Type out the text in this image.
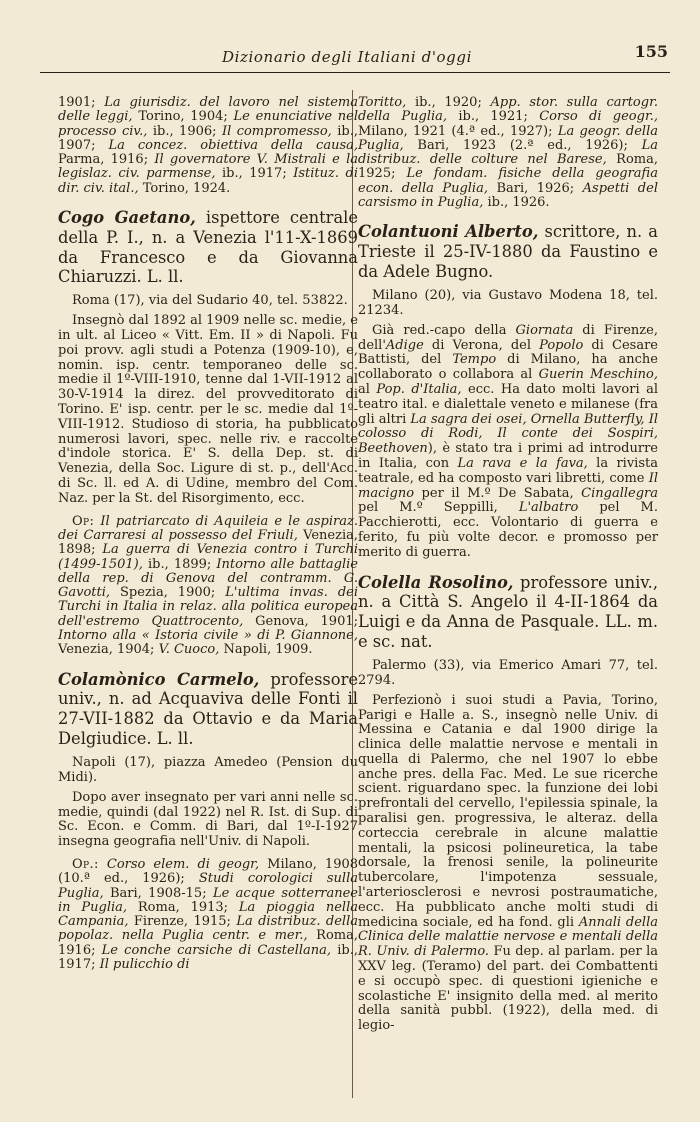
Dizionario degli Italiani d'oggi	155

1901; La giurisdiz. del lavoro nel sistema delle leggi, Torino, 1904; Le enunciative nel processo civ., ib., 1906; Il compromesso, ib., 1907; La concez. obiettiva della causa, Parma, 1916; Il governatore V. Mistrali e la legislaz. civ. parmense, ib., 1917; Istituz. di dir. civ. ital., Torino, 1924.

Cogo Gaetano, ispettore centrale della P. I., n. a Venezia l'11-X-1869 da Francesco e da Giovanna Chiaruzzi. L. ll.

Roma (17), via del Sudario 40, tel. 53822.

Insegnò dal 1892 al 1909 nelle sc. medie, e in ult. al Liceo « Vitt. Em. II » di Napoli. Fu poi provv. agli studi a Potenza (1909-10), e, nomin. isp. centr. temporaneo delle sc. medie il 1º-VIII-1910, tenne dal 1-VII-1912 al 30-V-1914 la direz. del provveditorato di Torino. E' isp. centr. per le sc. medie dal 1º-VIII-1912. Studioso di storia, ha pubblicato numerosi lavori, spec. nelle riv. e raccolte d'indole storica. E' S. della Dep. st. di Venezia, della Soc. Ligure di st. p., dell'Acc. di Sc. ll. ed A. di Udine, membro del Com. Naz. per la St. del Risorgimento, ecc.

Op: Il patriarcato di Aquileia e le aspiraz. dei Carraresi al possesso del Friuli, Venezia, 1898; La guerra di Venezia contro i Turchi (1499-1501), ib., 1899; Intorno alle battaglie della rep. di Genova del contramm. G. Gavotti, Spezia, 1900; L'ultima invas. dei Turchi in Italia in relaz. alla politica europea dell'estremo Quattrocento, Genova, 1901; Intorno alla « Istoria civile » di P. Giannone, Venezia, 1904; V. Cuoco, Napoli, 1909.

Colamònico Carmelo, professore univ., n. ad Acquaviva delle Fonti il 27-VII-1882 da Ottavio e da Maria Delgiudice. L. ll.

Napoli (17), piazza Amedeo (Pension du Midi).

Dopo aver insegnato per vari anni nelle sc. medie, quindi (dal 1922) nel R. Ist. di Sup. di Sc. Econ. e Comm. di Bari, dal 1º-I-1927 insegna geografia nell'Univ. di Napoli.

Op.: Corso elem. di geogr, Milano, 1908 (10.ª ed., 1926); Studi corologici sulla Puglia, Bari, 1908-15; Le acque sotterranee in Puglia, Roma, 1913; La pioggia nella Campania, Firenze, 1915; La distribuz. della popolaz. nella Puglia centr. e mer., Roma, 1916; Le conche carsiche di Castellana, ib., 1917; Il pulicchio di

Toritto, ib., 1920; App. stor. sulla cartogr. della Puglia, ib., 1921; Corso di geogr., Milano, 1921 (4.ª ed., 1927); La geogr. della Puglia, Bari, 1923 (2.ª ed., 1926); La distribuz. delle colture nel Barese, Roma, 1925; Le fondam. fisiche della geografia econ. della Puglia, Bari, 1926; Aspetti del carsismo in Puglia, ib., 1926.

Colantuoni Alberto, scrittore, n. a Trieste il 25-IV-1880 da Faustino e da Adele Bugno.

Milano (20), via Gustavo Modena 18, tel. 21234.

Già red.-capo della Giornata di Firenze, dell'Adige di Verona, del Popolo di Cesare Battisti, del Tempo di Milano, ha anche collaborato o collabora al Guerin Meschino, al Pop. d'Italia, ecc. Ha dato molti lavori al teatro ital. e dialettale veneto e milanese (fra gli altri La sagra dei osei, Ornella Butterfly, Il colosso di Rodi, Il conte dei Sospiri, Beethoven), è stato tra i primi ad introdurre in Italia, con La rava e la fava, la rivista teatrale, ed ha composto vari libretti, come Il macigno per il M.º De Sabata, Cingallegra pel M.º Seppilli, L'albatro pel M. Pacchierotti, ecc. Volontario di guerra e ferito, fu più volte decor. e promosso per merito di guerra.

Colella Rosolino, professore univ., n. a Città S. Angelo il 4-II-1864 da Luigi e da Anna de Pasquale. LL. m. e sc. nat.

Palermo (33), via Emerico Amari 77, tel. 2794.

Perfezionò i suoi studi a Pavia, Torino, Parigi e Halle a. S., insegnò nelle Univ. di Messina e Catania e dal 1900 dirige la clinica delle malattie nervose e mentali in quella di Palermo, che nel 1907 lo ebbe anche pres. della Fac. Med. Le sue ricerche scient. riguardano spec. la funzione dei lobi prefrontali del cervello, l'epilessia spinale, la paralisi gen. progressiva, le alteraz. della corteccia cerebrale in alcune malattie mentali, la psicosi polineuretica, la tabe dorsale, la frenosi senile, la polineurite tubercolare, l'impotenza sessuale, l'arteriosclerosi e nevrosi postraumatiche, ecc. Ha pubblicato anche molti studi di medicina sociale, ed ha fond. gli Annali della Clinica delle malattie nervose e mentali della R. Univ. di Palermo. Fu dep. al parlam. per la XXV leg. (Teramo) del part. dei Combattenti e si occupò spec. di questioni igieniche e scolastiche E' insignito della med. al merito della sanità pubbl. (1922), della med. di legio-
